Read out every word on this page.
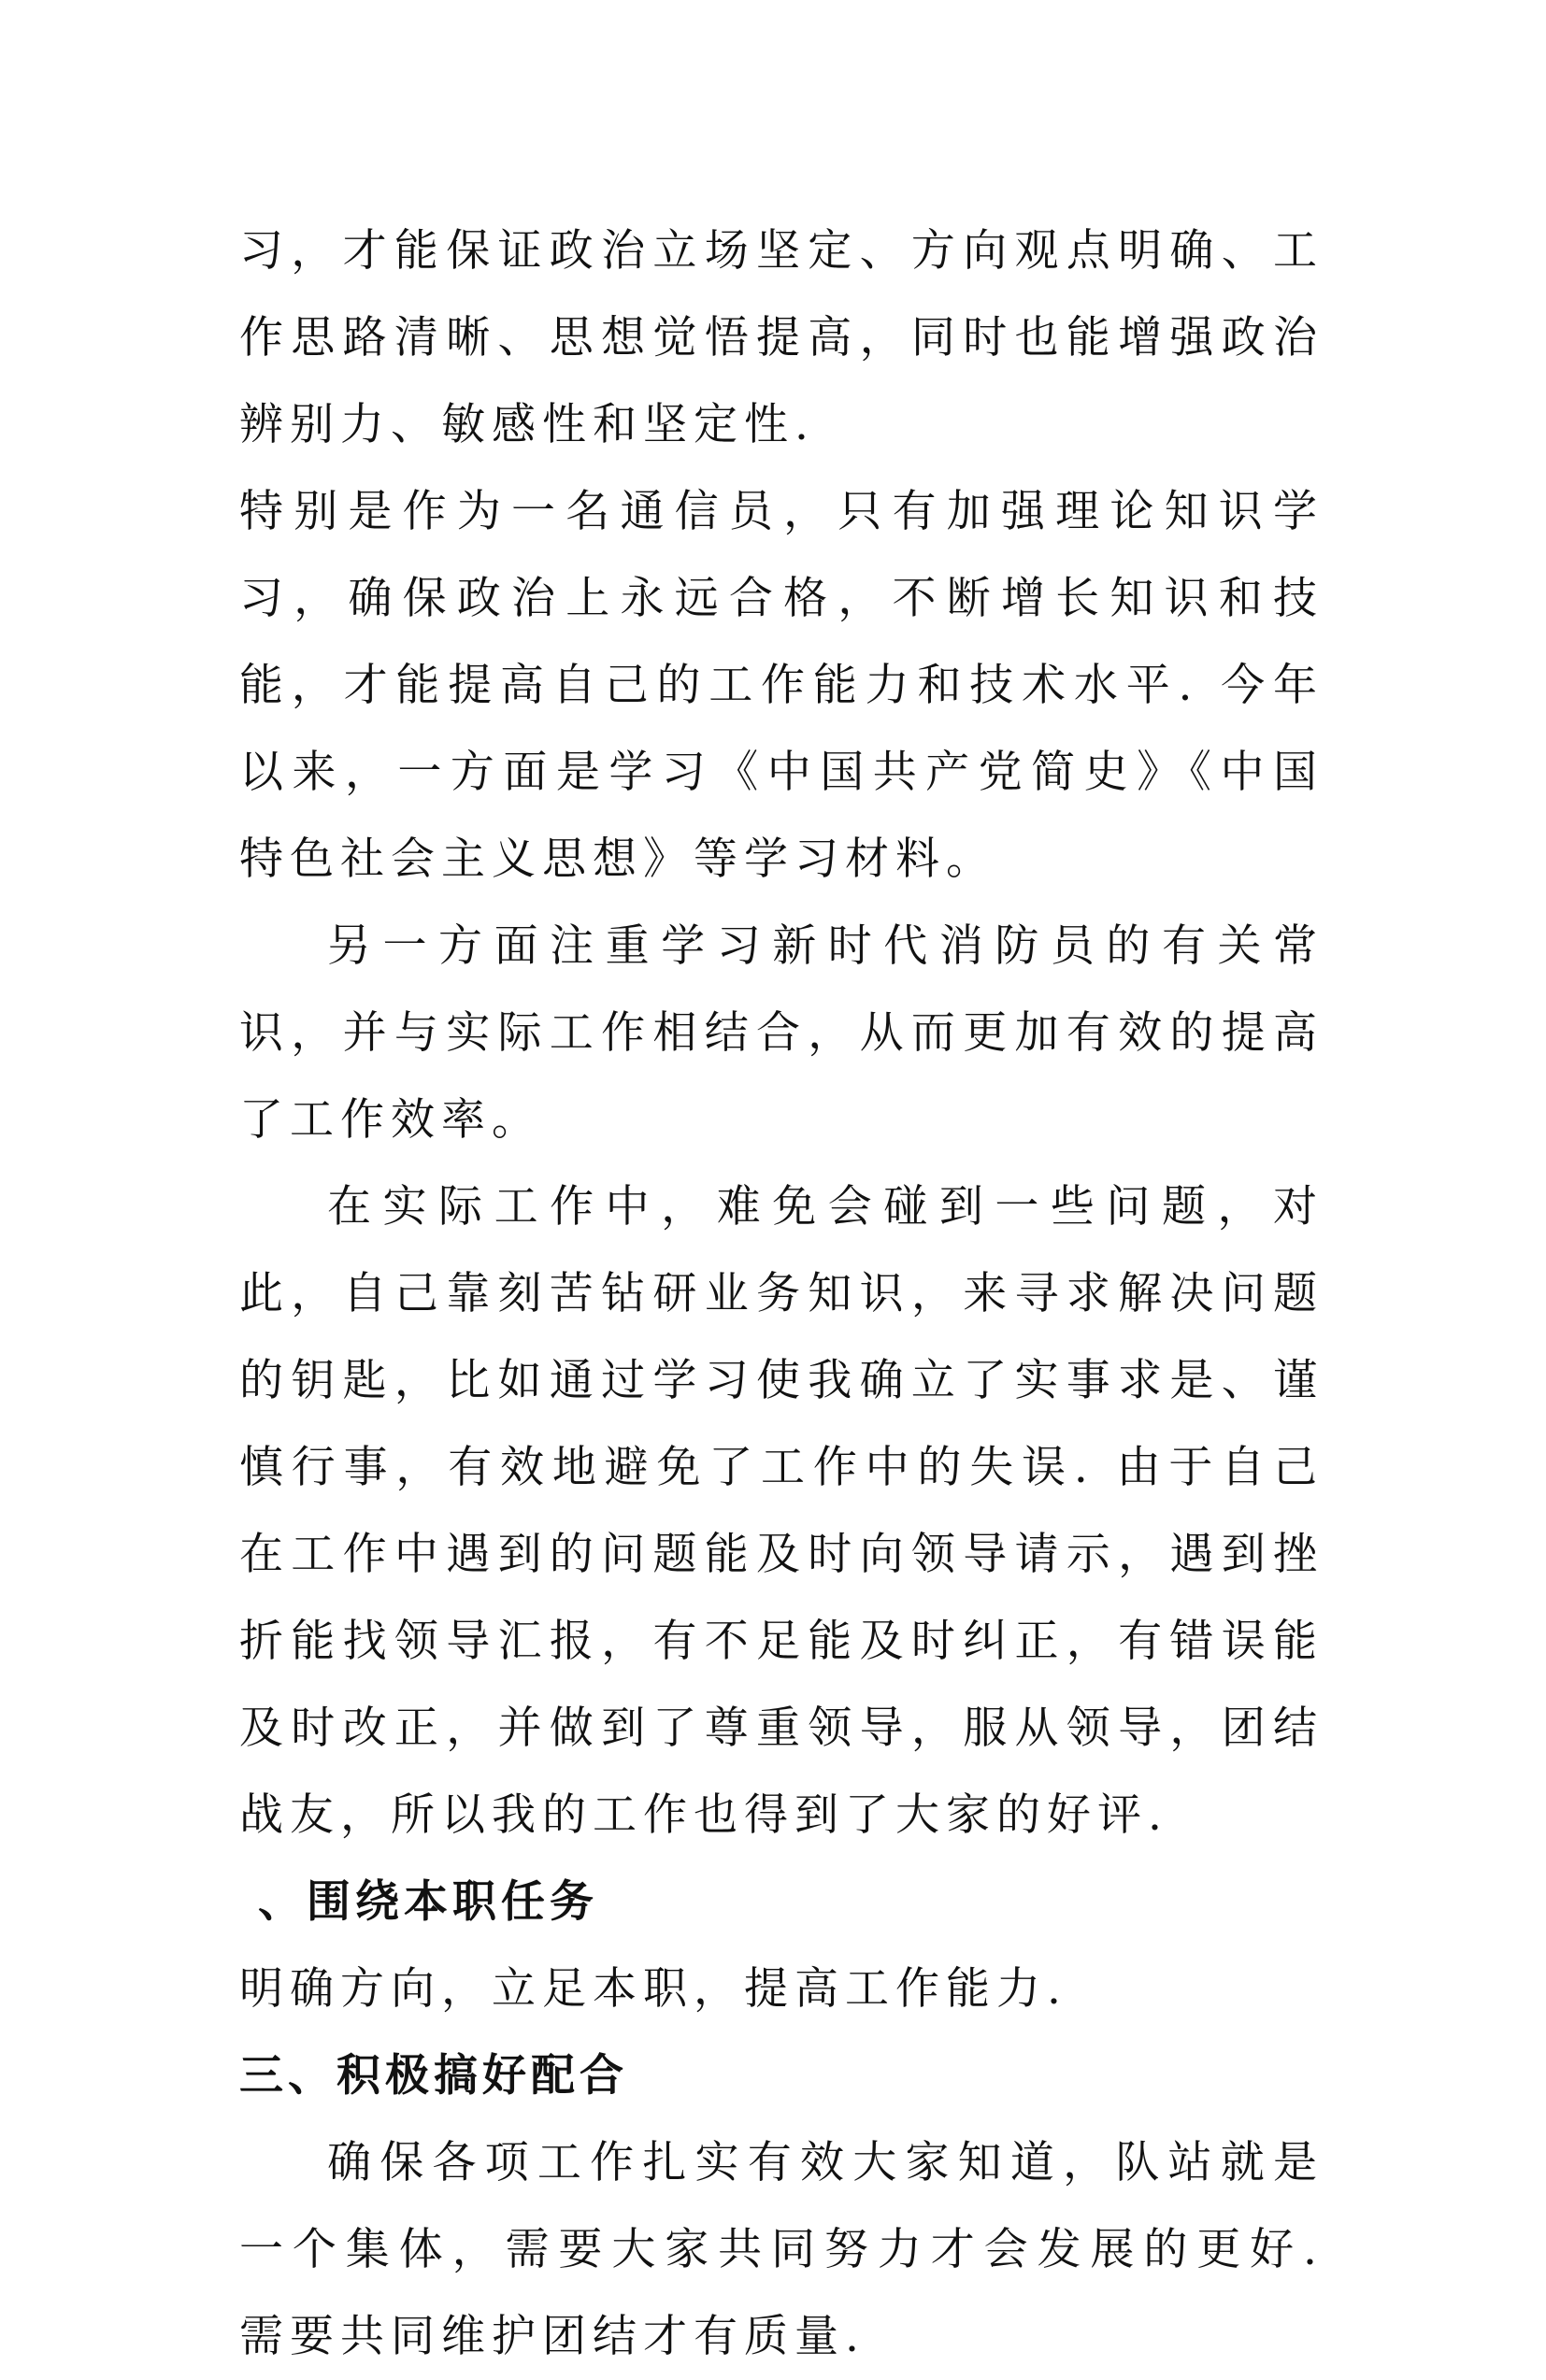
习，才能保证政治立场坚定、方向观点明确、工作思路清晰、思想觉悟提高，同时也能增强政治辨别力、敏感性和坚定性.

特别是作为一名通信员，只有加强理论知识学习，确保政治上永远合格，不断增长知识和技能，才能提高自己的工作能力和技术水平. 今年以来，一方面是学习《中国共产党简史》《中国特色社会主义思想》等学习材料。

另一方面注重学习新时代消防员的有关常识，并与实际工作相结合，从而更加有效的提高了工作效率。

在实际工作中，难免会碰到一些问题，对此，自己靠刻苦钻研业务知识，来寻求解决问题的钥匙，比如通过学习使我确立了实事求是、谨慎行事，有效地避免了工作中的失误. 由于自己在工作中遇到的问题能及时向领导请示，遇到挫折能找领导汇报，有不足能及时纠正，有错误能及时改正，并做到了尊重领导，服从领导，团结战友，所以我的工作也得到了大家的好评.

、围绕本职任务

明确方向，立足本职，提高工作能力.

三、积极搞好配合

确保各项工作扎实有效大家知道，队站就是一个集体，需要大家共同努力才会发展的更好. 需要共同维护团结才有质量.
